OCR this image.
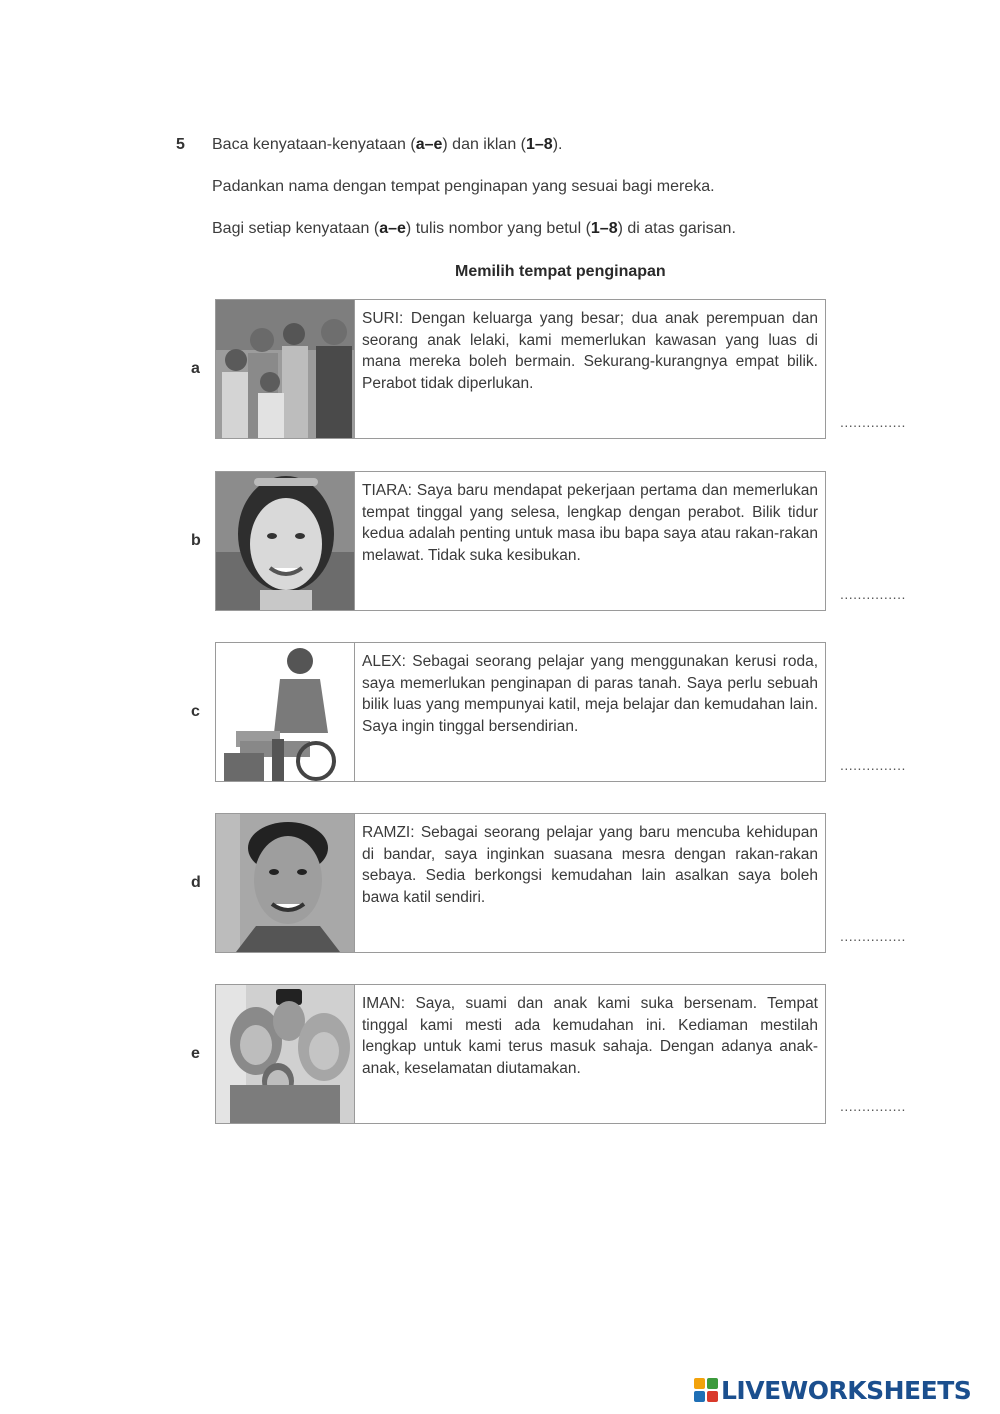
5 Baca kenyataan-kenyataan (a–e) dan iklan (1–8).
Padankan nama dengan tempat penginapan yang sesuai bagi mereka.
Bagi setiap kenyataan (a–e) tulis nombor yang betul (1–8) di atas garisan.
Memilih tempat penginapan
a
SURI: Dengan keluarga yang besar; dua anak perempuan dan seorang anak lelaki, kami memerlukan kawasan yang luas di mana mereka boleh bermain. Sekurang-kurangnya empat bilik. Perabot tidak diperlukan.
...............
b
TIARA: Saya baru mendapat pekerjaan pertama dan memerlukan tempat tinggal yang selesa, lengkap dengan perabot. Bilik tidur kedua adalah penting untuk masa ibu bapa saya atau rakan-rakan melawat. Tidak suka kesibukan.
...............
c
ALEX: Sebagai seorang pelajar yang menggunakan kerusi roda, saya memerlukan penginapan di paras tanah. Saya perlu sebuah bilik luas yang mempunyai katil, meja belajar dan kemudahan lain. Saya ingin tinggal bersendirian.
...............
d
RAMZI: Sebagai seorang pelajar yang baru mencuba kehidupan di bandar, saya inginkan suasana mesra dengan rakan-rakan sebaya. Sedia berkongsi kemudahan lain asalkan saya boleh bawa katil sendiri.
...............
e
IMAN: Saya, suami dan anak kami suka bersenam. Tempat tinggal kami mesti ada kemudahan ini. Kediaman mestilah lengkap untuk kami terus masuk sahaja. Dengan adanya anak-anak, keselamatan diutamakan.
...............
LIVEWORKSHEETS
